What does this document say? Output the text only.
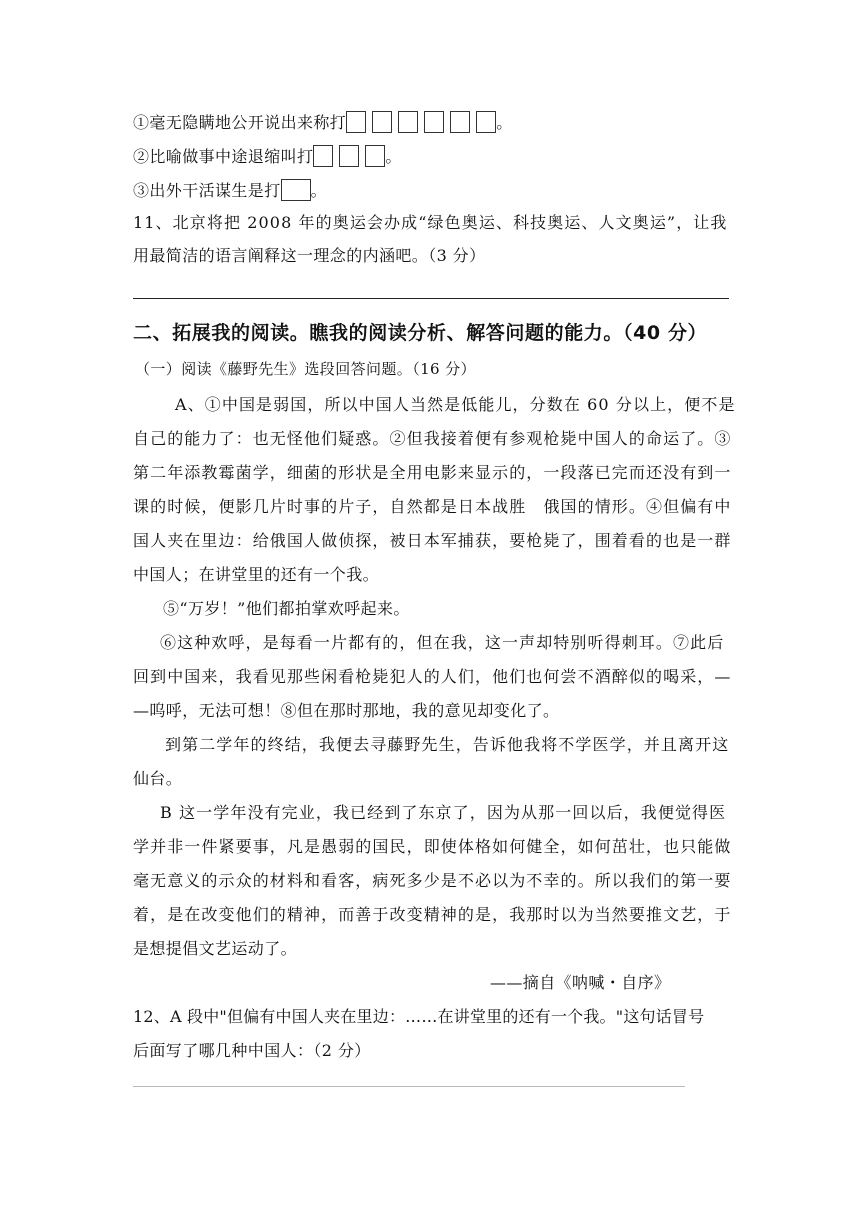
①毫无隐瞒地公开说出来称打	。
②比喻做事中途退缩叫打	。
③出外干活谋生是打 。
11、北京将把 2008 年的奥运会办成“绿色奥运、科技奥运、人文奥运”，让我
用最简洁的语言阐释这一理念的内涵吧。（3 分）
二、拓展我的阅读。瞧我的阅读分析、解答问题的能力。（40 分）
（一）阅读《藤野先生》选段回答问题。（16 分）
A、①中国是弱国，所以中国人当然是低能儿，分数在 60 分以上，便不是
自己的能力了：也无怪他们疑惑。②但我接着便有参观枪毙中国人的命运了。③
第二年添教霉菌学，细菌的形状是全用电影来显示的，一段落已完而还没有到一
课的时候，便影几片时事的片子，自然都是日本战胜　俄国的情形。④但偏有中
国人夹在里边：给俄国人做侦探，被日本军捕获，要枪毙了，围着看的也是一群
中国人；在讲堂里的还有一个我。
⑤“万岁！”他们都拍掌欢呼起来。
⑥这种欢呼，是每看一片都有的，但在我，这一声却特别听得刺耳。⑦此后
回到中国来，我看见那些闲看枪毙犯人的人们，他们也何尝不酒醉似的喝采，—
—呜呼，无法可想！⑧但在那时那地，我的意见却变化了。
到第二学年的终结，我便去寻藤野先生，告诉他我将不学医学，并且离开这
仙台。
B 这一学年没有完业，我已经到了东京了，因为从那一回以后，我便觉得医
学并非一件紧要事，凡是愚弱的国民，即使体格如何健全，如何茁壮，也只能做
毫无意义的示众的材料和看客，病死多少是不必以为不幸的。所以我们的第一要
着，是在改变他们的精神，而善于改变精神的是，我那时以为当然要推文艺，于
是想提倡文艺运动了。
——摘自《呐喊・自序》
12、A 段中"但偏有中国人夹在里边：……在讲堂里的还有一个我。"这句话冒号
后面写了哪几种中国人：（2 分）
